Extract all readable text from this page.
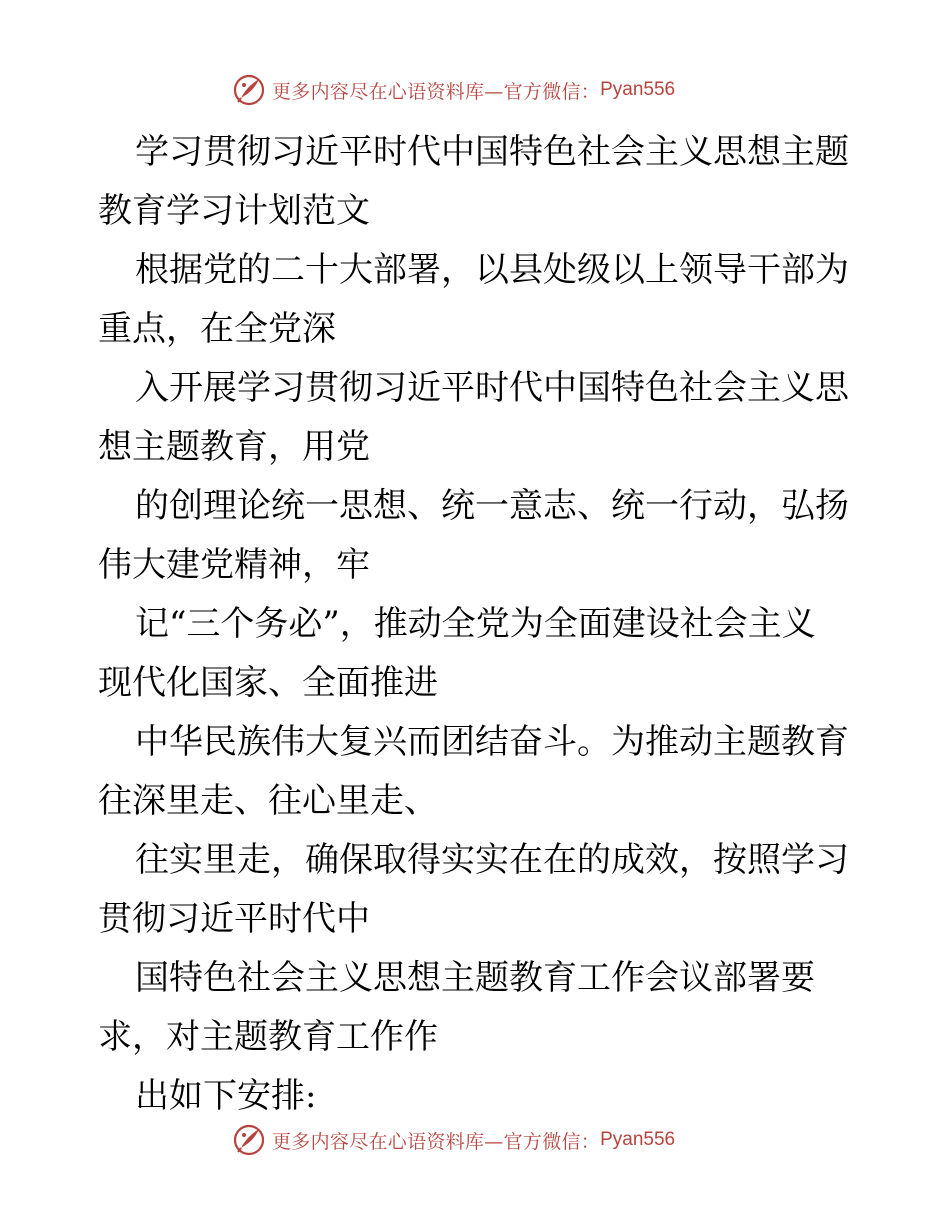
更多内容尽在心语资料库—官方微信： Pyan556
学习贯彻习近平时代中国特色社会主义思想主题
教育学习计划范文
根据党的二十大部署，以县处级以上领导干部为
重点，在全党深
入开展学习贯彻习近平时代中国特色社会主义思
想主题教育，用党
的创理论统一思想、统一意志、统一行动，弘扬
伟大建党精神，牢
记“三个务必”，推动全党为全面建设社会主义
现代化国家、全面推进
中华民族伟大复兴而团结奋斗。为推动主题教育
往深里走、往心里走、
往实里走，确保取得实实在在的成效，按照学习
贯彻习近平时代中
国特色社会主义思想主题教育工作会议部署要
求，对主题教育工作作
出如下安排:
更多内容尽在心语资料库—官方微信： Pyan556
